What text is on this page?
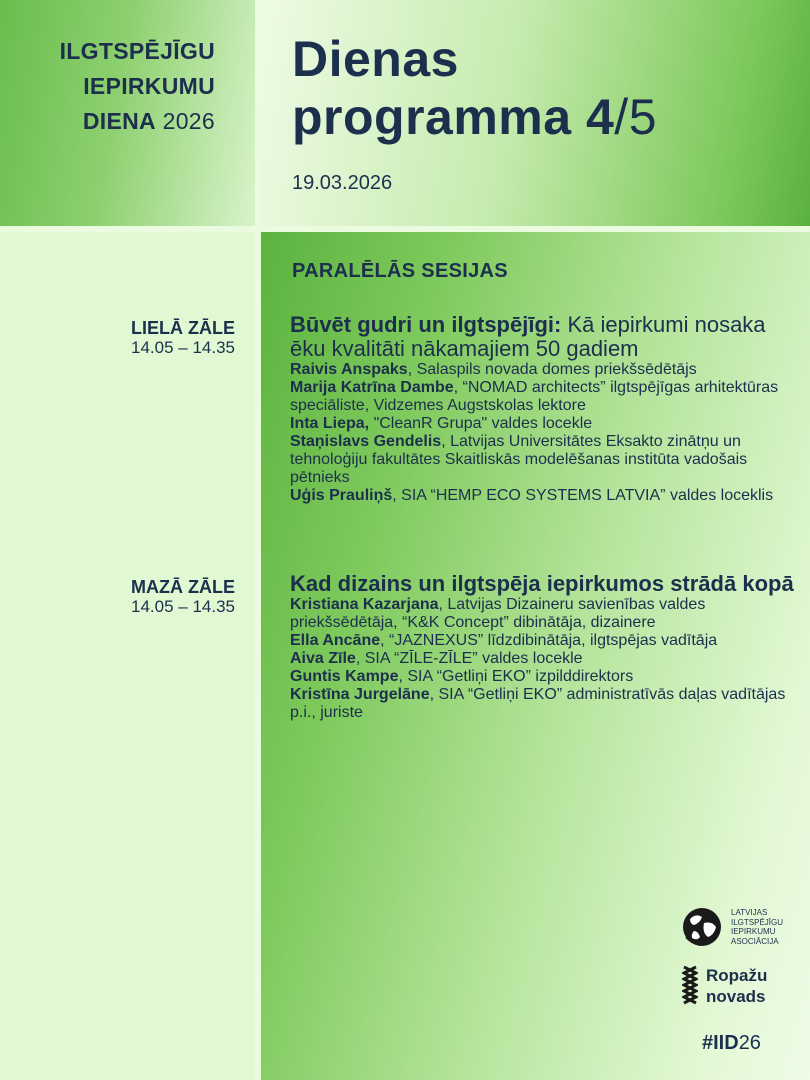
ILGTSPĒJĪGU
IEPIRKUMU
DIENA 2026
Dienas
programma 4/5
19.03.2026
PARALĒLĀS SESIJAS
LIELĀ ZĀLE
14.05 – 14.35
Būvēt gudri un ilgtspējīgi: Kā iepirkumi nosaka ēku kvalitāti nākamajiem 50 gadiem
Raivis Anspaks, Salaspils novada domes priekšsēdētājs
Marija Katrīna Dambe, “NOMAD architects” ilgtspējīgas arhitektūras speciāliste, Vidzemes Augstskolas lektore
Inta Liepa, "CleanR Grupa" valdes locekle
Staņislavs Gendelis, Latvijas Universitātes Eksakto zinātņu un tehnoloģiju fakultātes Skaitliskās modelēšanas institūta vadošais pētnieks
Uģis Prauliņš, SIA “HEMP ECO SYSTEMS LATVIA” valdes loceklis
MAZĀ ZĀLE
14.05 – 14.35
Kad dizains un ilgtspēja iepirkumos strādā kopā
Kristiana Kazarjana, Latvijas Dizaineru savienības valdes priekšsēdētāja, “K&K Concept” dibinātāja, dizainere
Ella Ancāne, “JAZNEXUS” līdzdibinātāja, ilgtspējas vadītāja
Aiva Zīle, SIA “ZĪLE-ZĪLE” valdes locekle
Guntis Kampe, SIA “Getliņi EKO” izpilddirektors
Kristīna Jurgelāne, SIA “Getliņi EKO” administratīvās daļas vadītājas p.i., juriste
LATVIJAS
ILGTSPĒJĪGU
IEPIRKUMU
ASOCIĀCIJA
Ropažu
novads
#IID26
